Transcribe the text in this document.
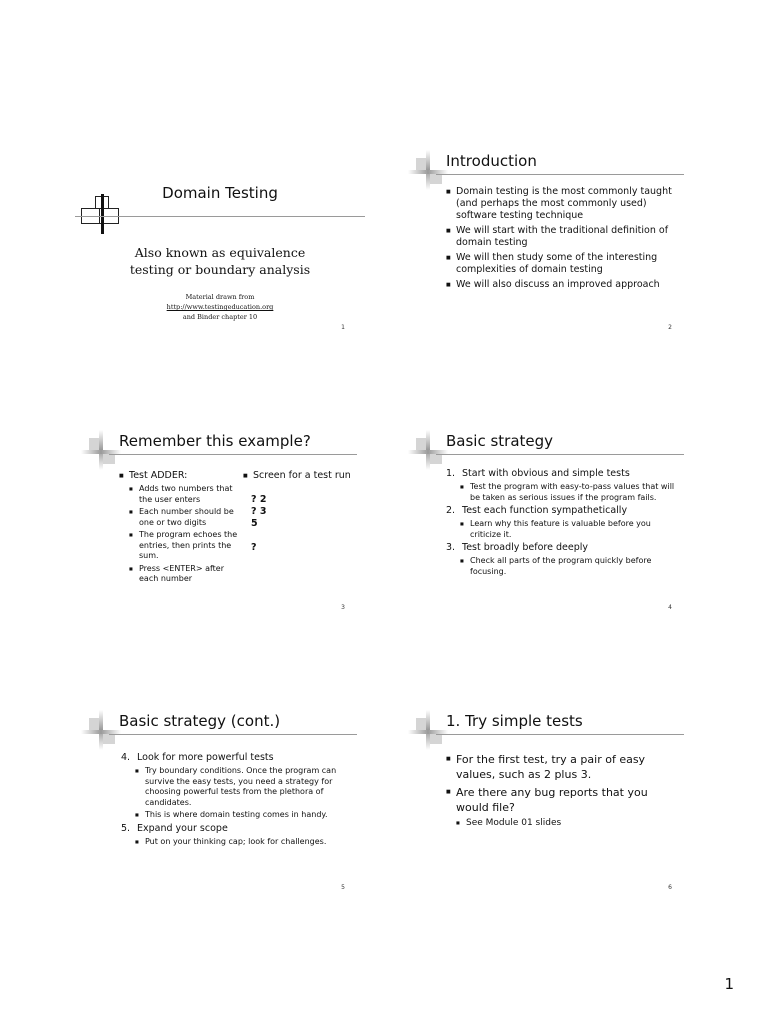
Domain Testing
Also known as equivalence
testing or boundary analysis
Material drawn from
http://www.testingeducation.org
and Binder chapter 10
1
Introduction
■ Domain testing is the most commonly taught (and perhaps the most commonly used) software testing technique
■ We will start with the traditional definition of domain testing
■ We will then study some of the interesting complexities of domain testing
■ We will also discuss an improved approach
2
Remember this example?
■ Test ADDER:
■ Adds two numbers that the user enters
■ Each number should be one or two digits
■ The program echoes the entries, then prints the sum.
■ Press <ENTER> after each number
■ Screen for a test run
? 2
? 3
5
?
3
Basic strategy
1. Start with obvious and simple tests
■ Test the program with easy-to-pass values that will be taken as serious issues if the program fails.
2. Test each function sympathetically
■ Learn why this feature is valuable before you criticize it.
3. Test broadly before deeply
■ Check all parts of the program quickly before focusing.
4
Basic strategy (cont.)
4. Look for more powerful tests
■ Try boundary conditions. Once the program can survive the easy tests, you need a strategy for choosing powerful tests from the plethora of candidates.
■ This is where domain testing comes in handy.
5. Expand your scope
■ Put on your thinking cap; look for challenges.
5
1. Try simple tests
■ For the first test, try a pair of easy values, such as 2 plus 3.
■ Are there any bug reports that you would file?
■ See Module 01 slides
6
1
